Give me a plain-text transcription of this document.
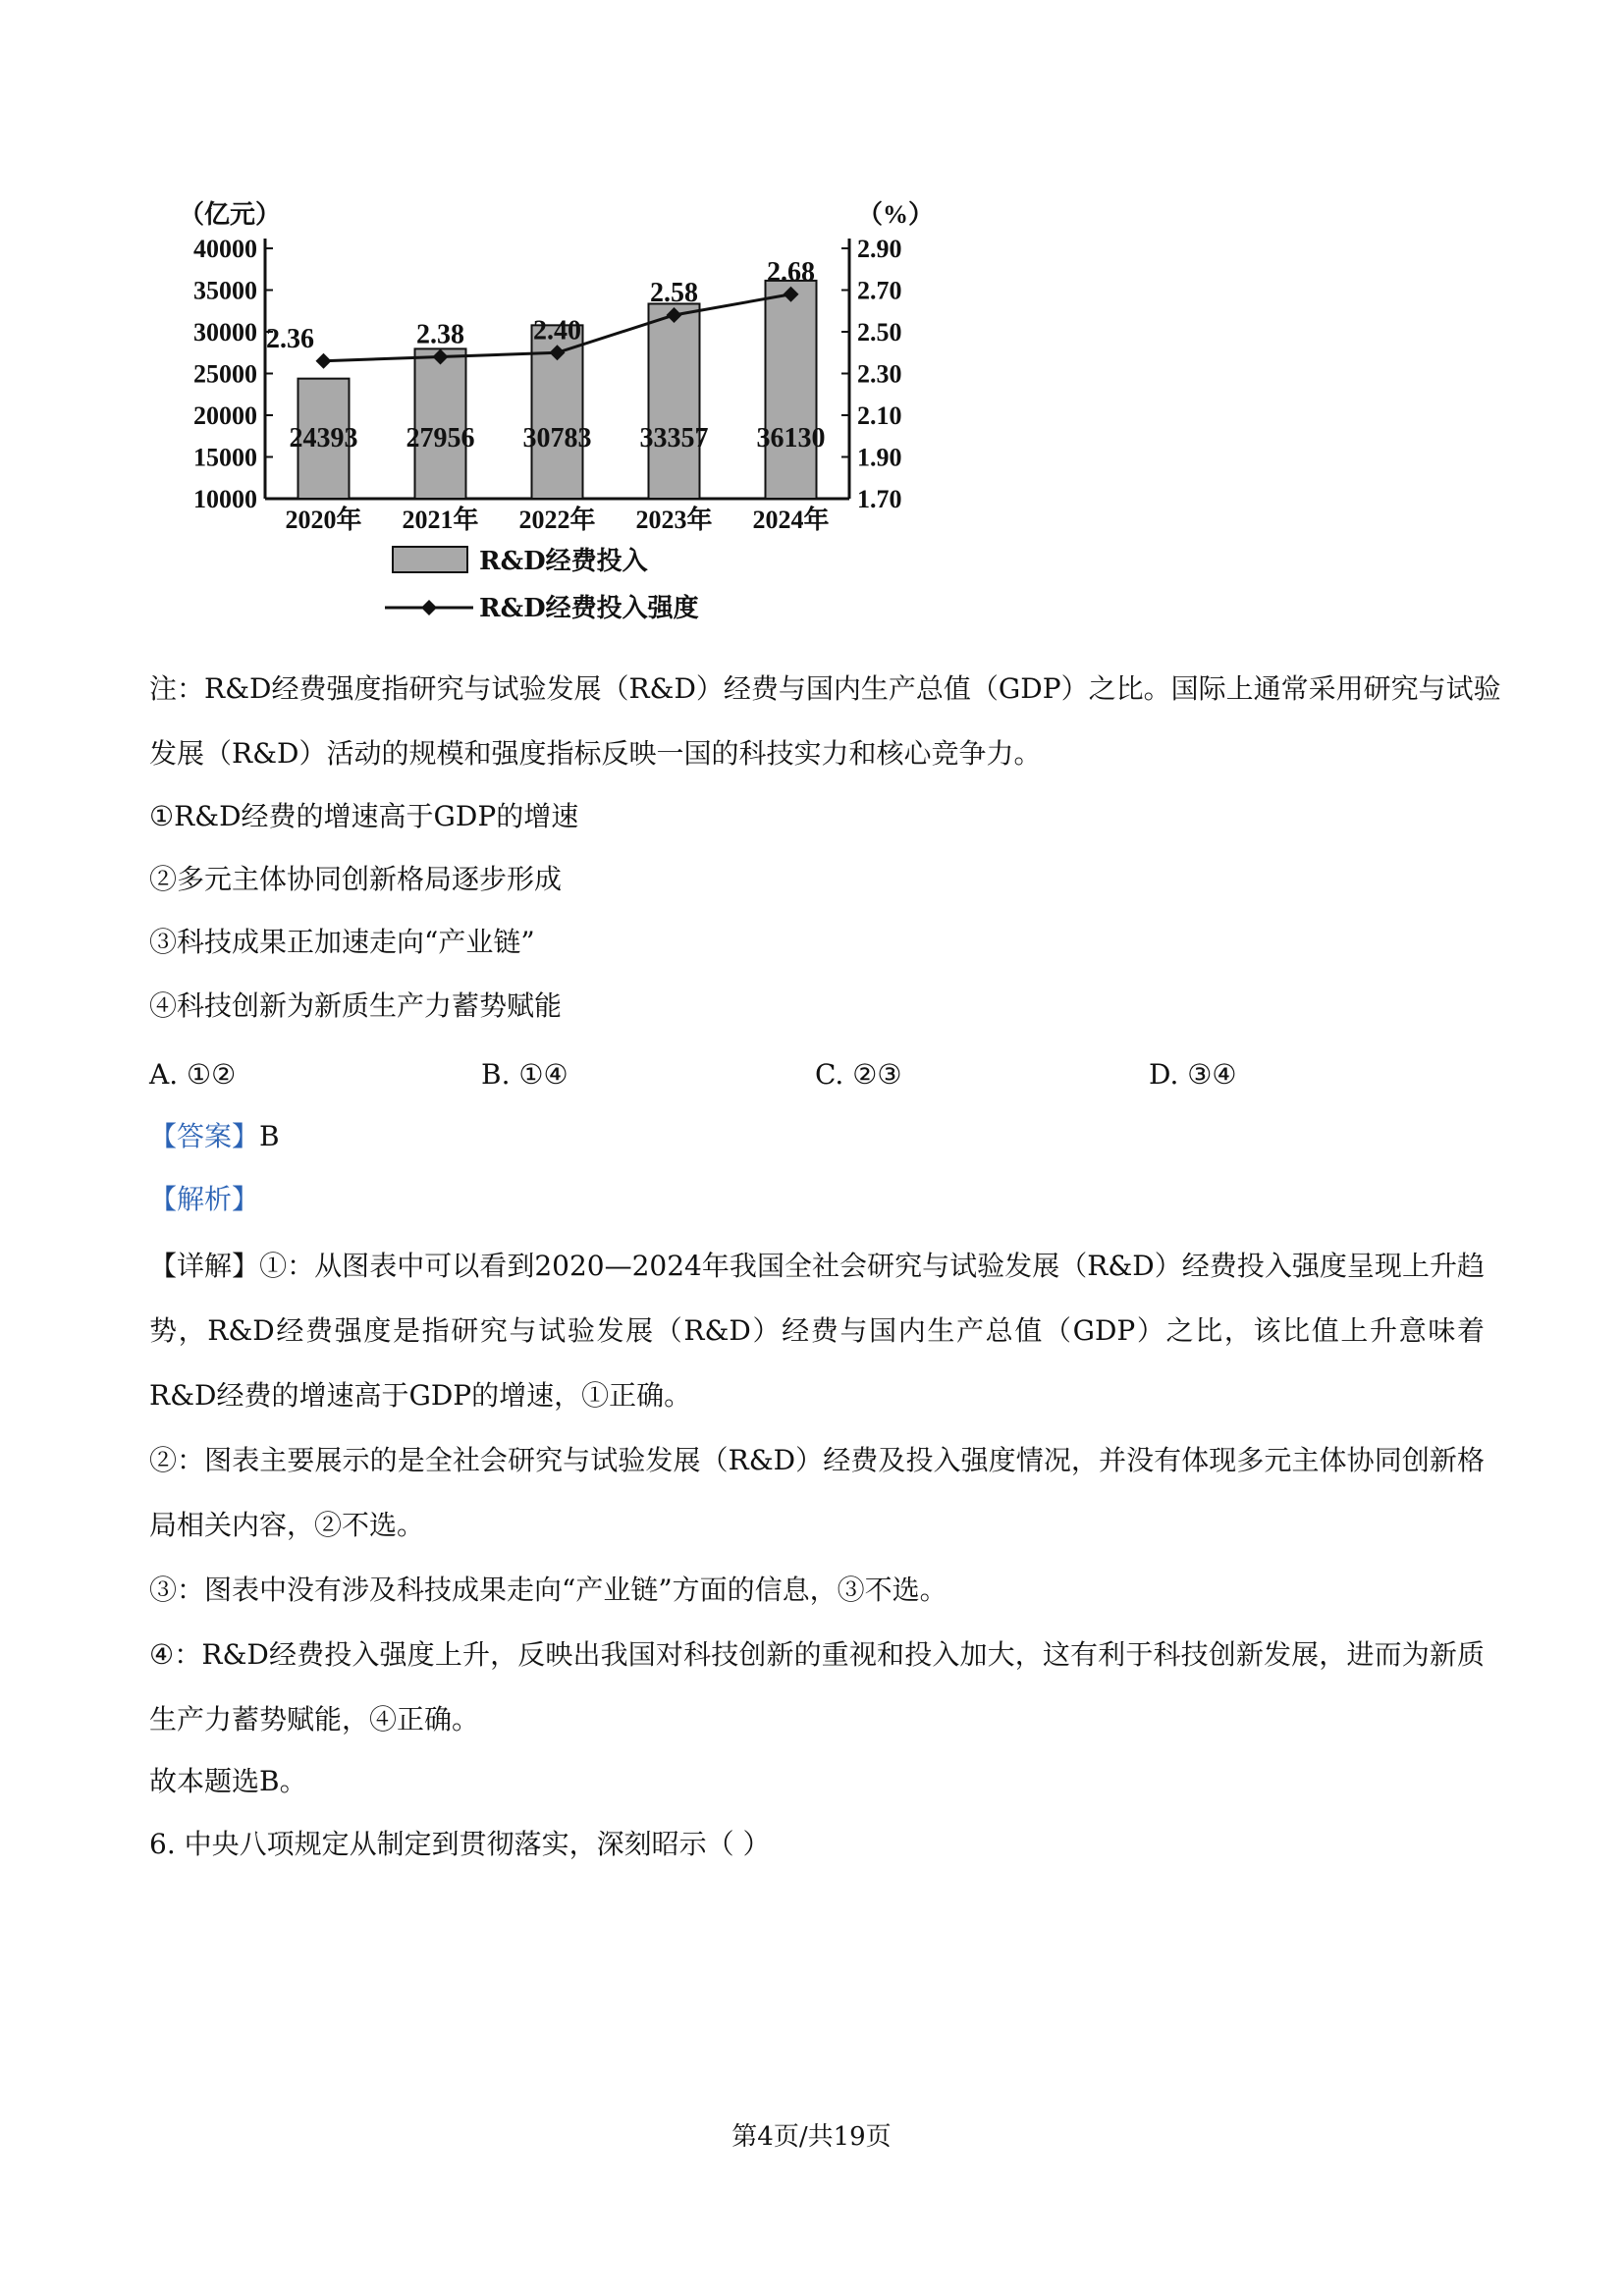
（亿元）	（%）
40000
35000
30000
25000
20000
15000
10000
2.90
2.70
2.50
2.30
2.10
1.90
1.70
24393 27956 30783 33357 36130
2020年 2021年 2022年 2023年 2024年
2.36	2.38	2.40
2.58
2.68
R&D经费投入
R&D经费投入强度
注：R&D经费强度指研究与试验发展（R&D）经费与国内生产总值（GDP）之比。国际上通常采用研究与试验
发展（R&D）活动的规模和强度指标反映一国的科技实力和核心竞争力。
①R&D经费的增速高于GDP的增速
②多元主体协同创新格局逐步形成
③科技成果正加速走向“产业链”
④科技创新为新质生产力蓄势赋能
A. ①②	B. ①④	C. ②③	D. ③④
【答案】B
【解析】
【详解】①：从图表中可以看到2020—2024年我国全社会研究与试验发展（R&D）经费投入强度呈现上升趋势，R&D经费强度是指研究与试验发展（R&D）经费与国内生产总值（GDP）之比，该比值上升意味着R&D经费的增速高于GDP的增速，①正确。
②：图表主要展示的是全社会研究与试验发展（R&D）经费及投入强度情况，并没有体现多元主体协同创新格局相关内容，②不选。
③：图表中没有涉及科技成果走向“产业链”方面的信息，③不选。
④：R&D经费投入强度上升，反映出我国对科技创新的重视和投入加大，这有利于科技创新发展，进而为新质生产力蓄势赋能，④正确。
故本题选B。
6. 中央八项规定从制定到贯彻落实，深刻昭示（ ）
第4页/共19页
